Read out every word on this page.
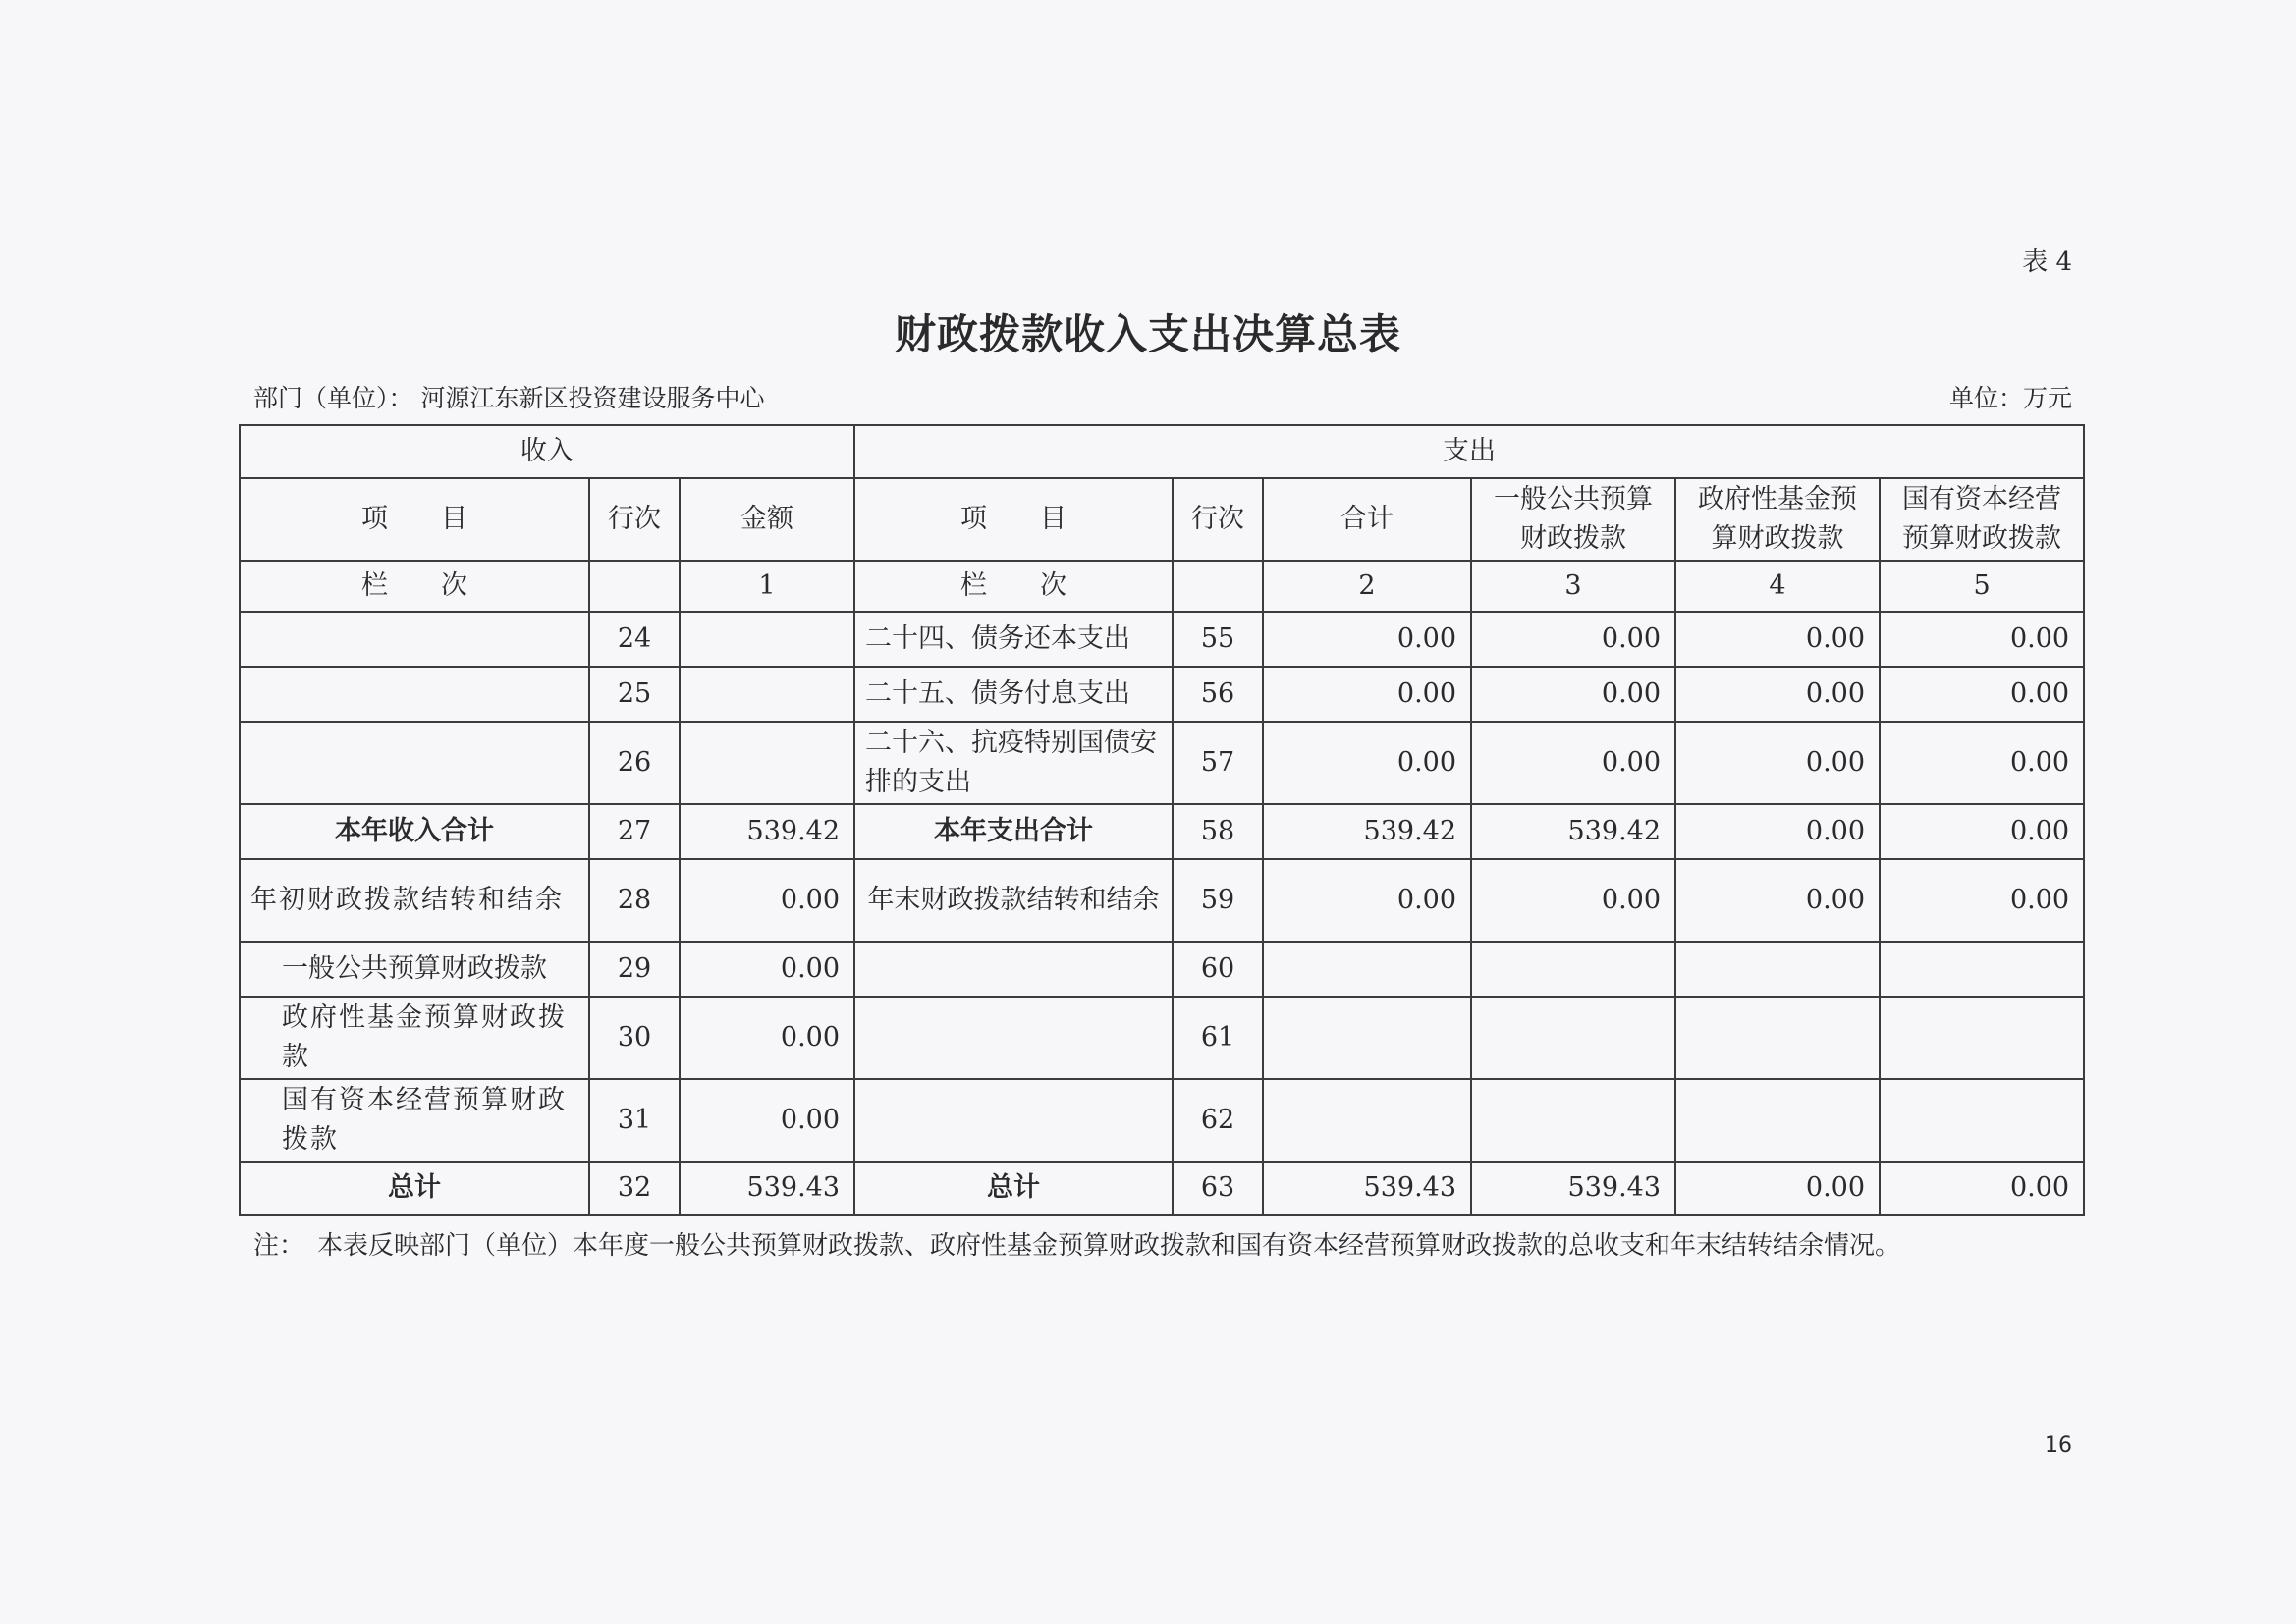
表 4
财政拨款收入支出决算总表
部门（单位）： 河源江东新区投资建设服务中心	单位：万元
收入			支出					
项　　目	行次	金额	项　　目	行次	合计	一般公共预算财政拨款	政府性基金预算财政拨款	国有资本经营预算财政拨款
栏　　次		1	栏　　次		2	3	4	5
	24		二十四、债务还本支出	55	0.00	0.00	0.00	0.00
	25		二十五、债务付息支出	56	0.00	0.00	0.00	0.00
	26		二十六、抗疫特别国债安排的支出	57	0.00	0.00	0.00	0.00
本年收入合计	27	539.42	本年支出合计	58	539.42	539.42	0.00	0.00
年初财政拨款结转和结余	28	0.00	年末财政拨款结转和结余	59	0.00	0.00	0.00	0.00
一般公共预算财政拨款	29	0.00		60				
政府性基金预算财政拨款	30	0.00		61				
国有资本经营预算财政拨款	31	0.00		62				
总计	32	539.43	总计	63	539.43	539.43	0.00	0.00
注：　本表反映部门（单位）本年度一般公共预算财政拨款、政府性基金预算财政拨款和国有资本经营预算财政拨款的总收支和年末结转结余情况。
16
